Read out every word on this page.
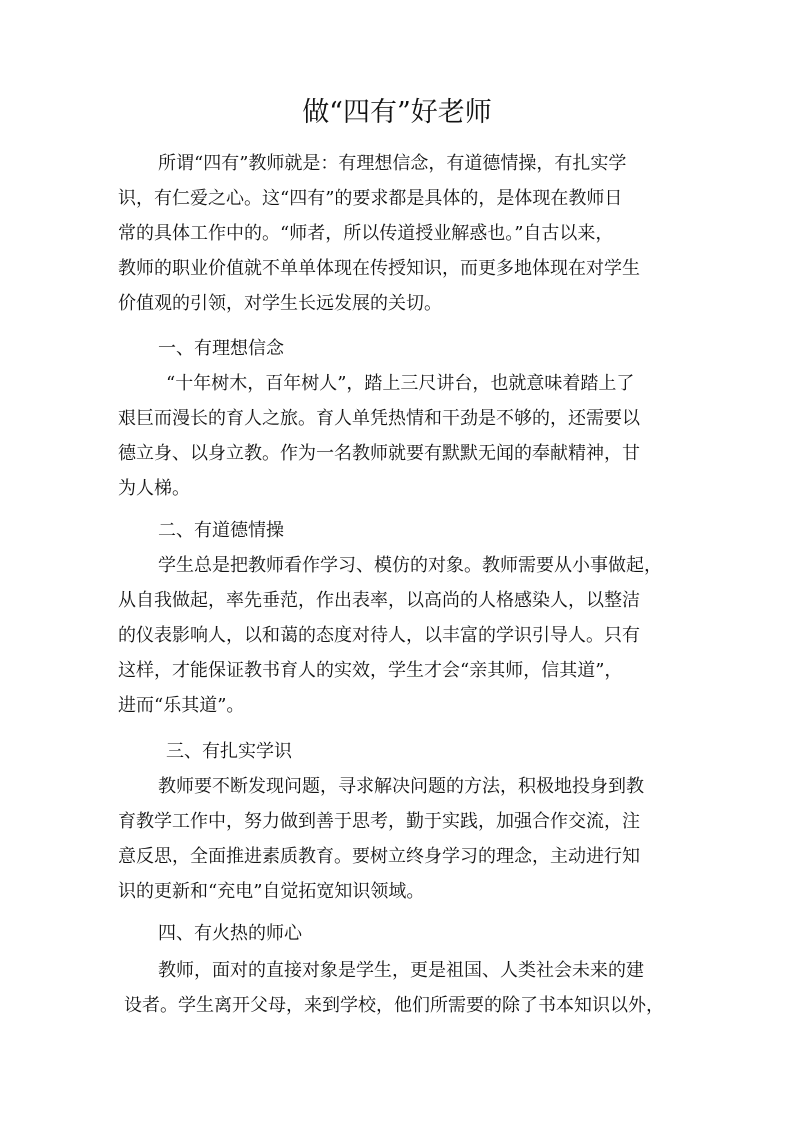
做“四有”好老师
所谓“四有”教师就是：有理想信念，有道德情操，有扎实学
识，有仁爱之心。这“四有”的要求都是具体的，是体现在教师日
常的具体工作中的。“师者，所以传道授业解惑也。”自古以来，
教师的职业价值就不单单体现在传授知识，而更多地体现在对学生
价值观的引领，对学生长远发展的关切。
一、有理想信念
“十年树木，百年树人”，踏上三尺讲台，也就意味着踏上了
艰巨而漫长的育人之旅。育人单凭热情和干劲是不够的，还需要以
德立身、以身立教。作为一名教师就要有默默无闻的奉献精神，甘
为人梯。
二、有道德情操
学生总是把教师看作学习、模仿的对象。教师需要从小事做起，
从自我做起，率先垂范，作出表率，以高尚的人格感染人，以整洁
的仪表影响人，以和蔼的态度对待人，以丰富的学识引导人。只有
这样，才能保证教书育人的实效，学生才会“亲其师，信其道”，
进而“乐其道”。
三、有扎实学识
教师要不断发现问题，寻求解决问题的方法，积极地投身到教
育教学工作中，努力做到善于思考，勤于实践，加强合作交流，注
意反思，全面推进素质教育。要树立终身学习的理念，主动进行知
识的更新和“充电”自觉拓宽知识领域。
四、有火热的师心
教师，面对的直接对象是学生，更是祖国、人类社会未来的建
设者。学生离开父母，来到学校，他们所需要的除了书本知识以外，
